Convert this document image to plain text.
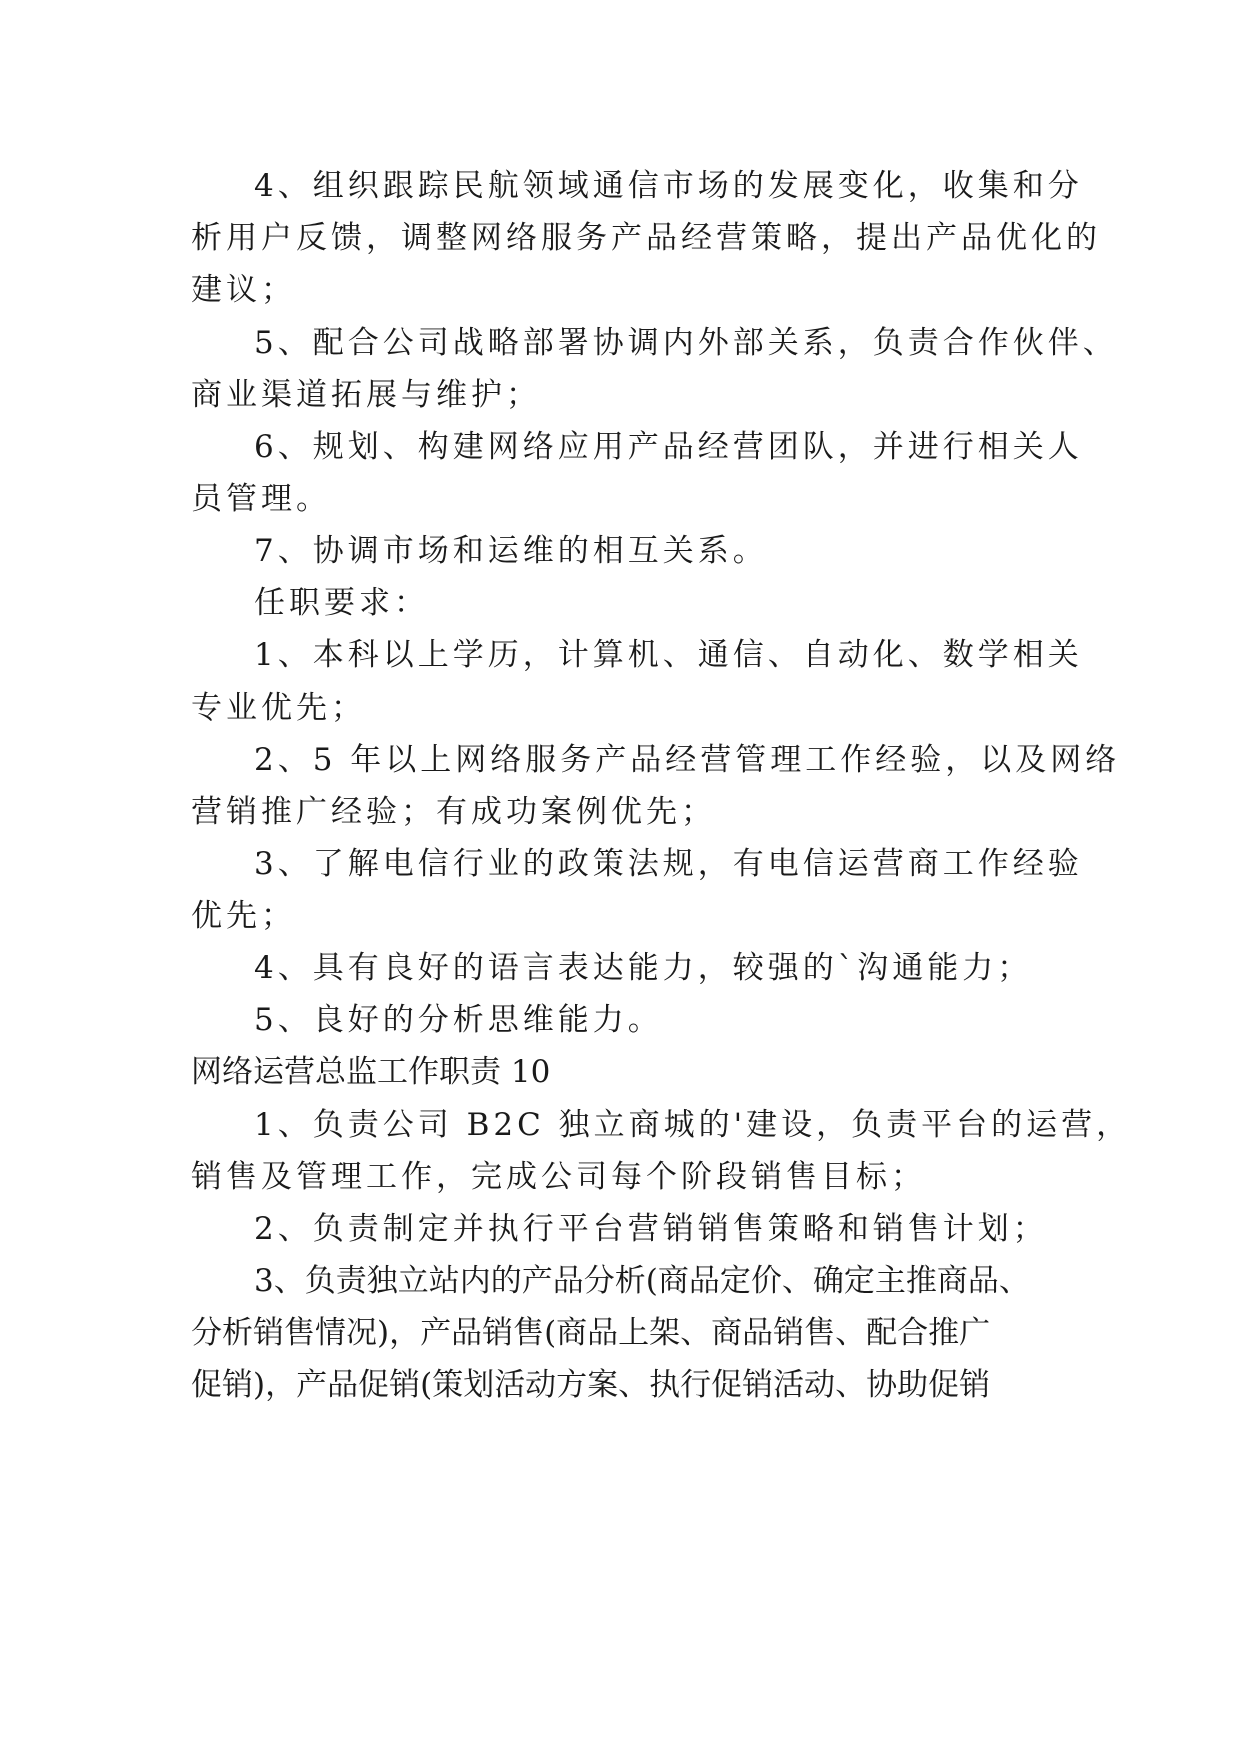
4、组织跟踪民航领域通信市场的发展变化，收集和分
析用户反馈，调整网络服务产品经营策略，提出产品优化的
建议；
5、配合公司战略部署协调内外部关系，负责合作伙伴、
商业渠道拓展与维护；
6、规划、构建网络应用产品经营团队，并进行相关人
员管理。
7、协调市场和运维的相互关系。
任职要求：
1、本科以上学历，计算机、通信、自动化、数学相关
专业优先；
2、5 年以上网络服务产品经营管理工作经验，以及网络
营销推广经验；有成功案例优先；
3、了解电信行业的政策法规，有电信运营商工作经验
优先；
4、具有良好的语言表达能力，较强的`沟通能力；
5、良好的分析思维能力。
网络运营总监工作职责 10
1、负责公司 B2C 独立商城的'建设，负责平台的运营，
销售及管理工作，完成公司每个阶段销售目标；
2、负责制定并执行平台营销销售策略和销售计划；
3、负责独立站内的产品分析(商品定价、确定主推商品、
分析销售情况)，产品销售(商品上架、商品销售、配合推广
促销)，产品促销(策划活动方案、执行促销活动、协助促销
